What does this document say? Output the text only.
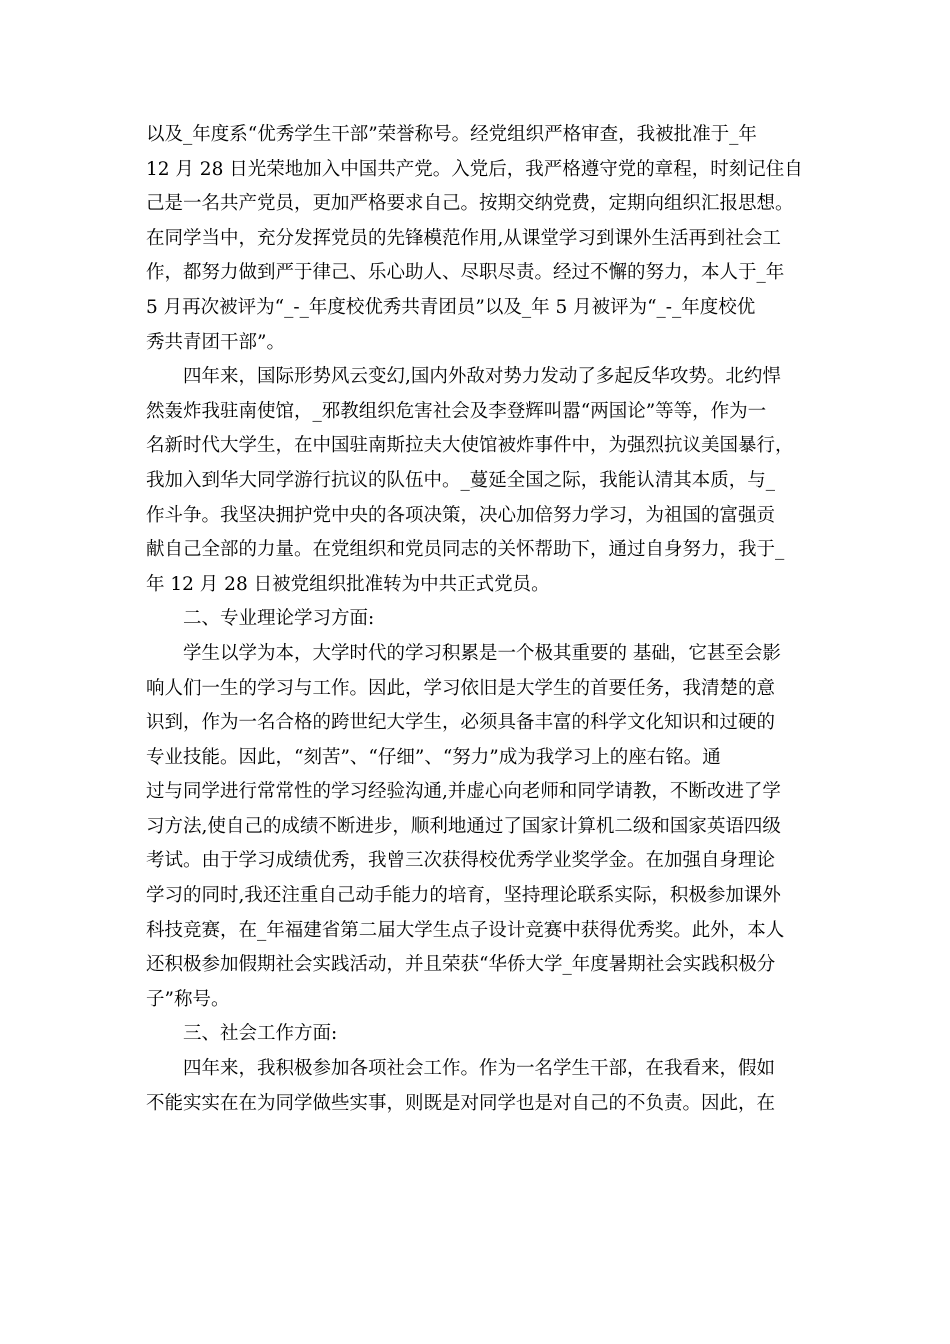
以及_年度系“优秀学生干部”荣誉称号。经党组织严格审查，我被批准于_年
12 月 28 日光荣地加入中国共产党。入党后，我严格遵守党的章程，时刻记住自
己是一名共产党员，更加严格要求自己。按期交纳党费，定期向组织汇报思想。
在同学当中，充分发挥党员的先锋模范作用,从课堂学习到课外生活再到社会工
作，都努力做到严于律己、乐心助人、尽职尽责。经过不懈的努力，本人于_年
5 月再次被评为“_-_年度校优秀共青团员”以及_年 5 月被评为“_-_年度校优
秀共青团干部”。
四年来，国际形势风云变幻,国内外敌对势力发动了多起反华攻势。北约悍
然轰炸我驻南使馆，_邪教组织危害社会及李登辉叫嚣“两国论”等等，作为一
名新时代大学生，在中国驻南斯拉夫大使馆被炸事件中，为强烈抗议美国暴行，
我加入到华大同学游行抗议的队伍中。_蔓延全国之际，我能认清其本质，与_
作斗争。我坚决拥护党中央的各项决策，决心加倍努力学习，为祖国的富强贡
献自己全部的力量。在党组织和党员同志的关怀帮助下，通过自身努力，我于_
年 12 月 28 日被党组织批准转为中共正式党员。
二、专业理论学习方面:
学生以学为本，大学时代的学习积累是一个极其重要的 基础，它甚至会影
响人们一生的学习与工作。因此，学习依旧是大学生的首要任务，我清楚的意
识到，作为一名合格的跨世纪大学生，必须具备丰富的科学文化知识和过硬的
专业技能。因此，“刻苦”、“仔细”、“努力”成为我学习上的座右铭。通
过与同学进行常常性的学习经验沟通,并虚心向老师和同学请教，不断改进了学
习方法,使自己的成绩不断进步，顺利地通过了国家计算机二级和国家英语四级
考试。由于学习成绩优秀，我曾三次获得校优秀学业奖学金。在加强自身理论
学习的同时,我还注重自己动手能力的培育，坚持理论联系实际，积极参加课外
科技竞赛，在_年福建省第二届大学生点子设计竞赛中获得优秀奖。此外，本人
还积极参加假期社会实践活动，并且荣获“华侨大学_年度暑期社会实践积极分
子”称号。
三、社会工作方面:
四年来，我积极参加各项社会工作。作为一名学生干部，在我看来，假如
不能实实在在为同学做些实事，则既是对同学也是对自己的不负责。因此，在
